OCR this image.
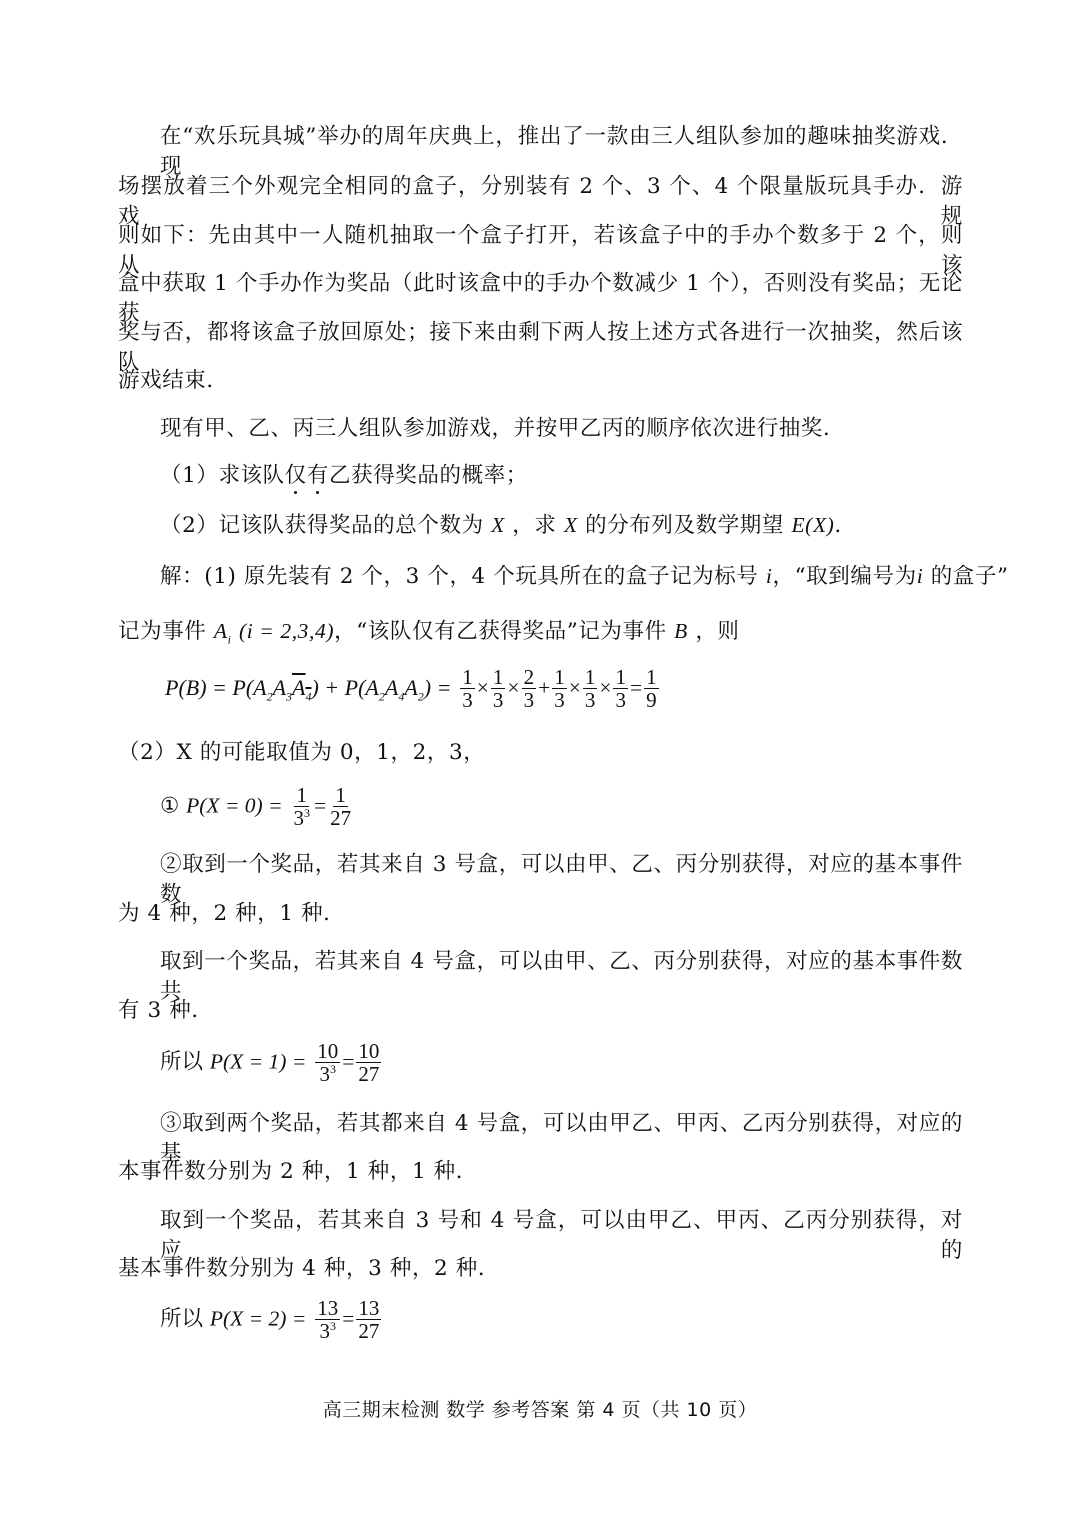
在“欢乐玩具城”举办的周年庆典上，推出了一款由三人组队参加的趣味抽奖游戏．现
场摆放着三个外观完全相同的盒子，分别装有 2 个、3 个、4 个限量版玩具手办．游戏规
则如下：先由其中一人随机抽取一个盒子打开，若该盒子中的手办个数多于 2 个，则从该
盒中获取 1 个手办作为奖品（此时该盒中的手办个数减少 1 个），否则没有奖品；无论获
奖与否，都将该盒子放回原处；接下来由剩下两人按上述方式各进行一次抽奖，然后该队
游戏结束．
现有甲、乙、丙三人组队参加游戏，并按甲乙丙的顺序依次进行抽奖．
（1）求该队仅有乙获得奖品的概率；
（2）记该队获得奖品的总个数为 X ，求 X 的分布列及数学期望 E(X)．
解：(1) 原先装有 2 个，3 个，4 个玩具所在的盒子记为标号 i，“取到编号为i 的盒子”
记为事件 $A_i$ (i = 2,3,4)，“该队仅有乙获得奖品”记为事件 B ，则
$P(B) = P(A_2A_3A_4) + P(A_2A_4A_2) = \frac{1}{3} \times \frac{1}{3} \times \frac{2}{3} + \frac{1}{3} \times \frac{1}{3} \times \frac{1}{3} = \frac{1}{9}$
（2）X 的可能取值为 0，1，2，3，
① $P(X = 0) = \frac{1}{3^3} = \frac{1}{27}$
②取到一个奖品，若其来自 3 号盒，可以由甲、乙、丙分别获得，对应的基本事件数
为 4 种，2 种，1 种．
取到一个奖品，若其来自 4 号盒，可以由甲、乙、丙分别获得，对应的基本事件数共
有 3 种．
所以 $P(X = 1) = \frac{10}{3^3} = \frac{10}{27}$
③取到两个奖品，若其都来自 4 号盒，可以由甲乙、甲丙、乙丙分别获得，对应的基
本事件数分别为 2 种，1 种，1 种．
取到一个奖品，若其来自 3 号和 4 号盒，可以由甲乙、甲丙、乙丙分别获得，对应的
基本事件数分别为 4 种，3 种，2 种．
所以 $P(X = 2) = \frac{13}{3^3} = \frac{13}{27}$
高三期末检测 数学 参考答案 第 4 页（共 10 页）
